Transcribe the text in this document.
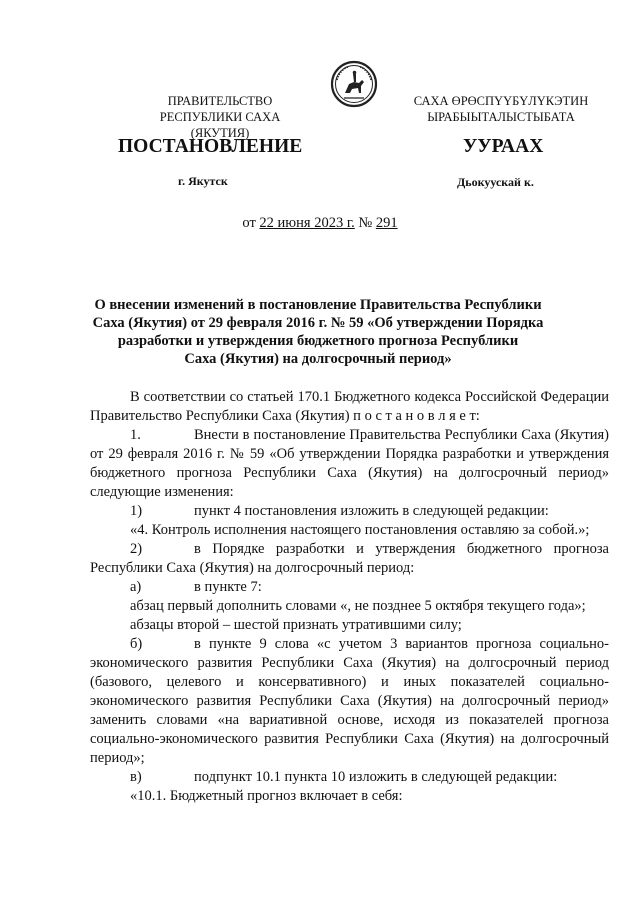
ПРАВИТЕЛЬСТВО
РЕСПУБЛИКИ САХА (ЯКУТИЯ)
САХА ӨРӨСПҮҮБҮЛҮКЭТИН
ЫРАБЫЫТАЛЫСТЫБАТА
ПОСТАНОВЛЕНИЕ	УУРААХ
г. Якутск	Дьокуускай к.
от 22 июня 2023 г. № 291
О внесении изменений в постановление Правительства Республики
Саха (Якутия) от 29 февраля 2016 г. № 59 «Об утверждении Порядка
разработки и утверждения бюджетного прогноза Республики
Саха (Якутия) на долгосрочный период»

В соответствии со статьей 170.1 Бюджетного кодекса Российской Федерации Правительство Республики Саха (Якутия) п о с т а н о в л я е т:

1.	Внести в постановление Правительства Республики Саха (Якутия) от 29 февраля 2016 г. № 59 «Об утверждении Порядка разработки и утверждения бюджетного прогноза Республики Саха (Якутия) на долгосрочный период» следующие изменения:

1)	пункт 4 постановления изложить в следующей редакции:

«4. Контроль исполнения настоящего постановления оставляю за собой.»;

2)	в Порядке разработки и утверждения бюджетного прогноза Республики Саха (Якутия) на долгосрочный период:

а)	в пункте 7:

абзац первый дополнить словами «, не позднее 5 октября текущего года»;

абзацы второй – шестой признать утратившими силу;

б)	в пункте 9 слова «с учетом 3 вариантов прогноза социально-экономического развития Республики Саха (Якутия) на долгосрочный период (базового, целевого и консервативного) и иных показателей социально-экономического развития Республики Саха (Якутия) на долгосрочный период» заменить словами «на вариативной основе, исходя из показателей прогноза социально-экономического развития Республики Саха (Якутия) на долгосрочный период»;

в)	подпункт 10.1 пункта 10 изложить в следующей редакции:

«10.1. Бюджетный прогноз включает в себя:
